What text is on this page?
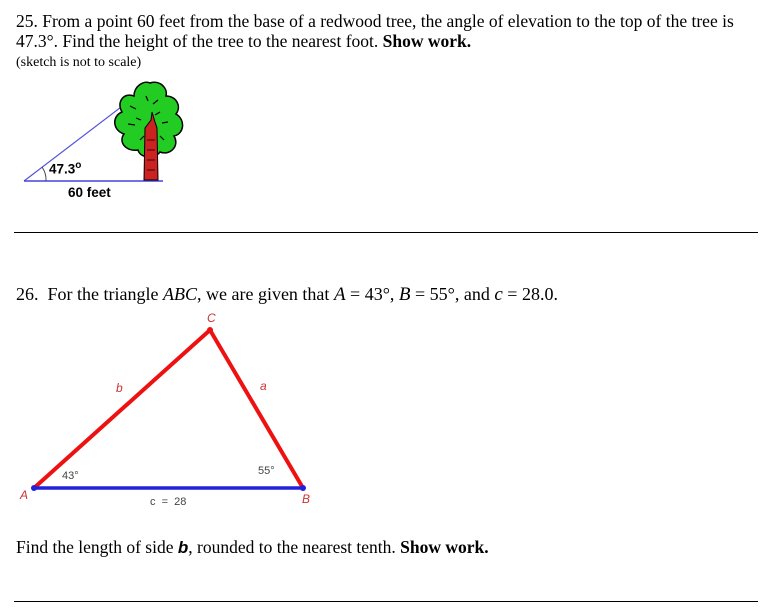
25. From a point 60 feet from the base of a redwood tree, the angle of elevation to the top of the tree is 47.3°. Find the height of the tree to the nearest foot. Show work.
(sketch is not to scale)
47.3$^o$
60 feet
26. For the triangle ABC, we are given that A = 43°, B = 55°, and c = 28.0.
A	B
C
b	a
c  =  28
43°	55°
Find the length of side b, rounded to the nearest tenth. Show work.
